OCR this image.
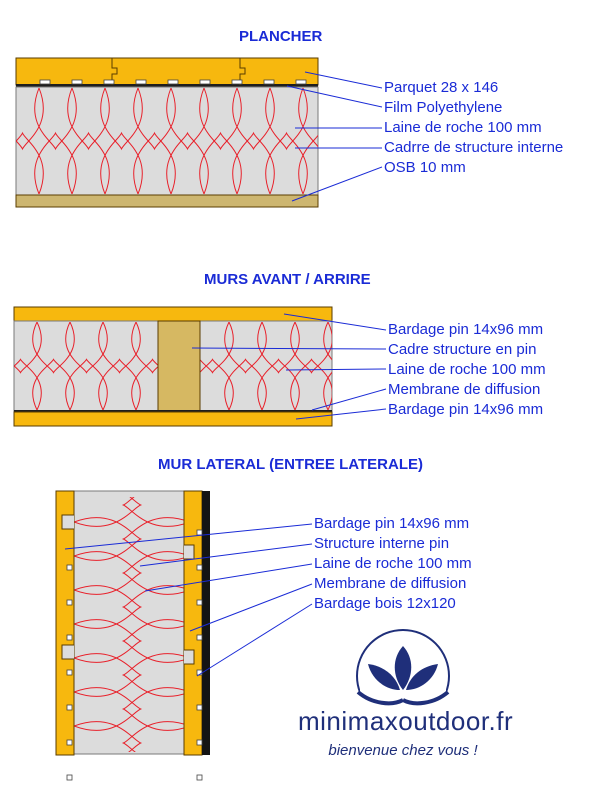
PLANCHER
MURS AVANT / ARRIRE
MUR LATERAL (ENTREE LATERALE)
Parquet 28 x 146
Film Polyethylene
Laine de roche 100 mm
Cadrre de structure interne
OSB 10 mm
Bardage pin 14x96 mm
Cadre structure en pin
Laine de roche 100 mm
Membrane de diffusion
Bardage pin 14x96 mm
Bardage pin 14x96 mm
Structure interne pin
Laine de roche 100 mm
Membrane de diffusion
Bardage bois 12x120
minimaxoutdoor.fr
bienvenue chez vous !
